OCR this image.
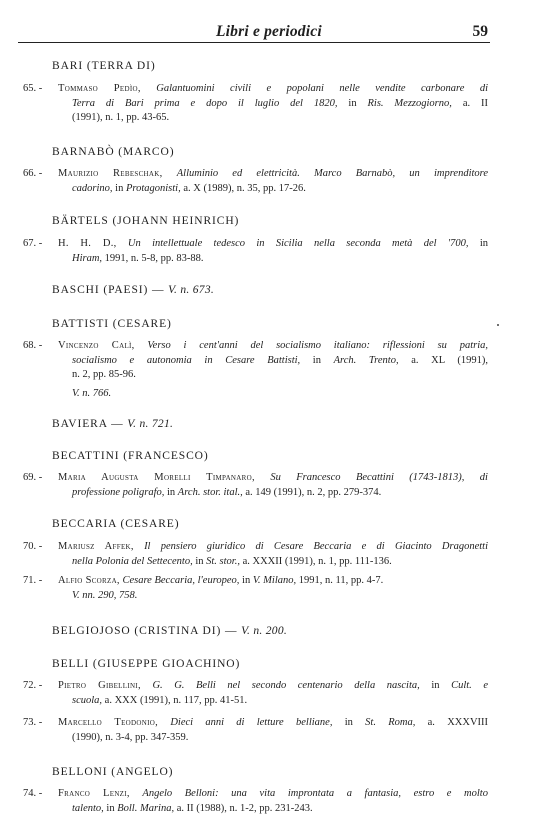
Libri e periodici	59
BARI (TERRA DI)
65. - Tommaso Pedìo, Galantuomini civili e popolani nelle vendite carbonare di
Terra di Bari prima e dopo il luglio del 1820, in Ris. Mezzogiorno, a. II
(1991), n. 1, pp. 43-65.
BARNABÒ (MARCO)
66. - Maurizio Rebeschak, Alluminio ed elettricità. Marco Barnabò, un imprenditore
cadorino, in Protagonisti, a. X (1989), n. 35, pp. 17-26.
BÄRTELS (JOHANN HEINRICH)
67. - H. H. D., Un intellettuale tedesco in Sicilia nella seconda metà del '700, in
Hiram, 1991, n. 5-8, pp. 83-88.
BASCHI (PAESI) — V. n. 673.
BATTISTI (CESARE)
68. - Vincenzo Calì, Verso i cent'anni del socialismo italiano: riflessioni su patria,
socialismo e autonomia in Cesare Battisti, in Arch. Trento, a. XL (1991),
n. 2, pp. 85-96.
V. n. 766.
BAVIERA — V. n. 721.
BECATTINI (FRANCESCO)
69. - Maria Augusta Morelli Timpanaro, Su Francesco Becattini (1743-1813), di
professione poligrafo, in Arch. stor. ital., a. 149 (1991), n. 2, pp. 279-374.
BECCARIA (CESARE)
70. - Mariusz Affek, Il pensiero giuridico di Cesare Beccaria e di Giacinto Dragonetti
nella Polonia del Settecento, in St. stor., a. XXXII (1991), n. 1, pp. 111-136.
71. - Alfio Scorza, Cesare Beccaria, l'europeo, in V. Milano, 1991, n. 11, pp. 4-7.
V. nn. 290, 758.
BELGIOJOSO (CRISTINA DI) — V. n. 200.
BELLI (GIUSEPPE GIOACHINO)
72. - Pietro Gibellini, G. G. Belli nel secondo centenario della nascita, in Cult. e
scuola, a. XXX (1991), n. 117, pp. 41-51.
73. - Marcello Teodonio, Dieci anni di letture belliane, in St. Roma, a. XXXVIII
(1990), n. 3-4, pp. 347-359.
BELLONI (ANGELO)
74. - Franco Lenzi, Angelo Belloni: una vita improntata a fantasia, estro e molto
talento, in Boll. Marina, a. II (1988), n. 1-2, pp. 231-243.
